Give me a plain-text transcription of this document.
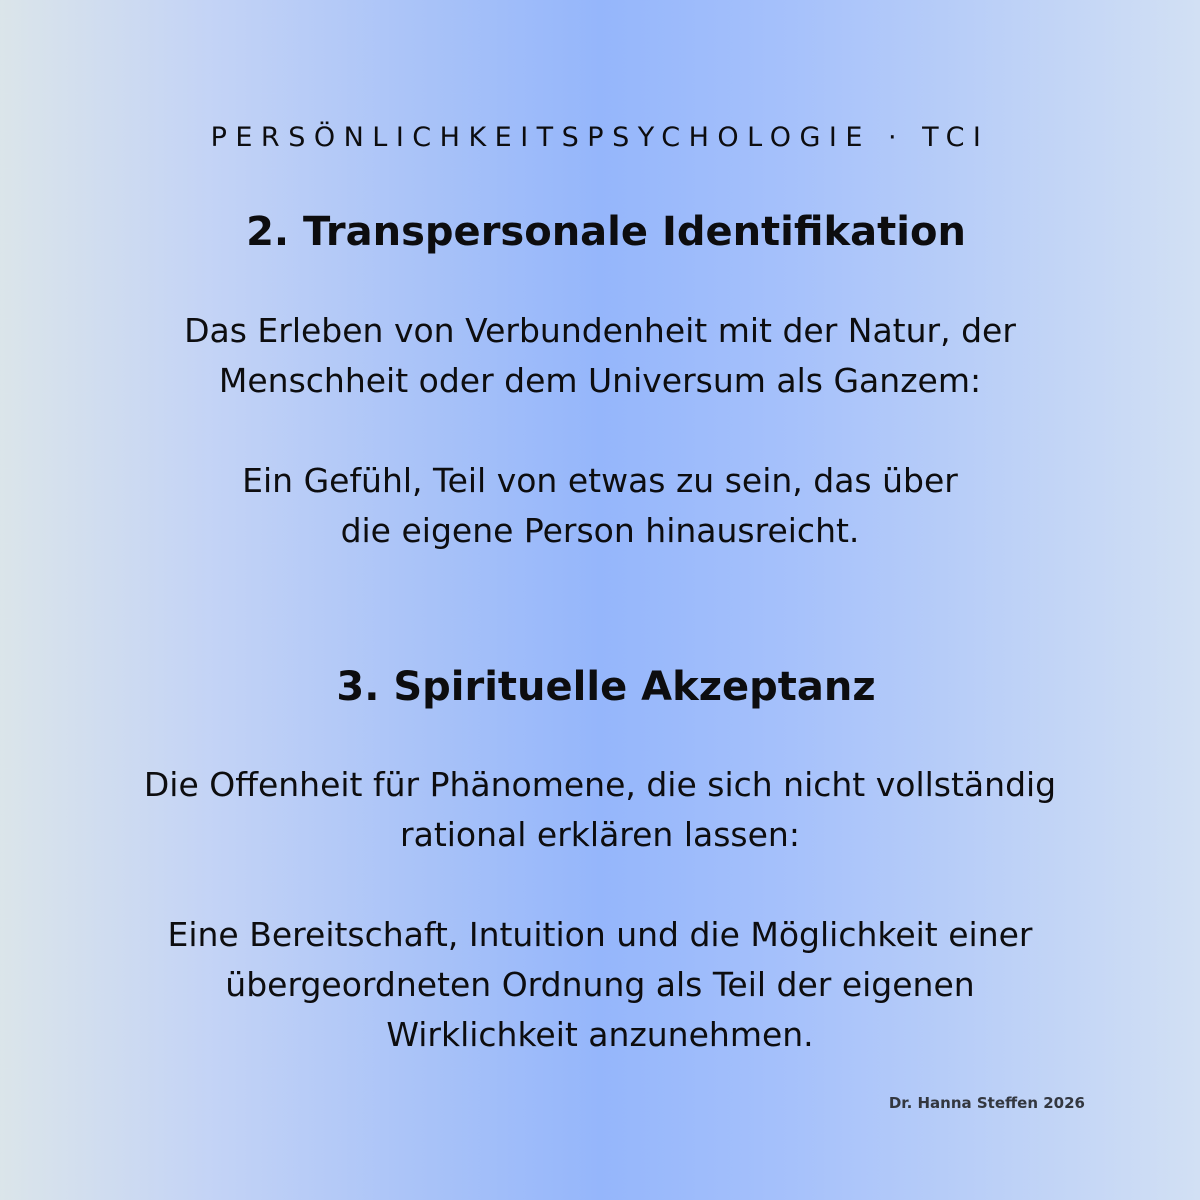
PERSÖNLICHKEITSPSYCHOLOGIE · TCI
2. Transpersonale Identifikation
Das Erleben von Verbundenheit mit der Natur, der
Menschheit oder dem Universum als Ganzem:
Ein Gefühl, Teil von etwas zu sein, das über
die eigene Person hinausreicht.
3. Spirituelle Akzeptanz
Die Offenheit für Phänomene, die sich nicht vollständig
rational erklären lassen:
Eine Bereitschaft, Intuition und die Möglichkeit einer
übergeordneten Ordnung als Teil der eigenen
Wirklichkeit anzunehmen.
Dr. Hanna Steffen 2026
